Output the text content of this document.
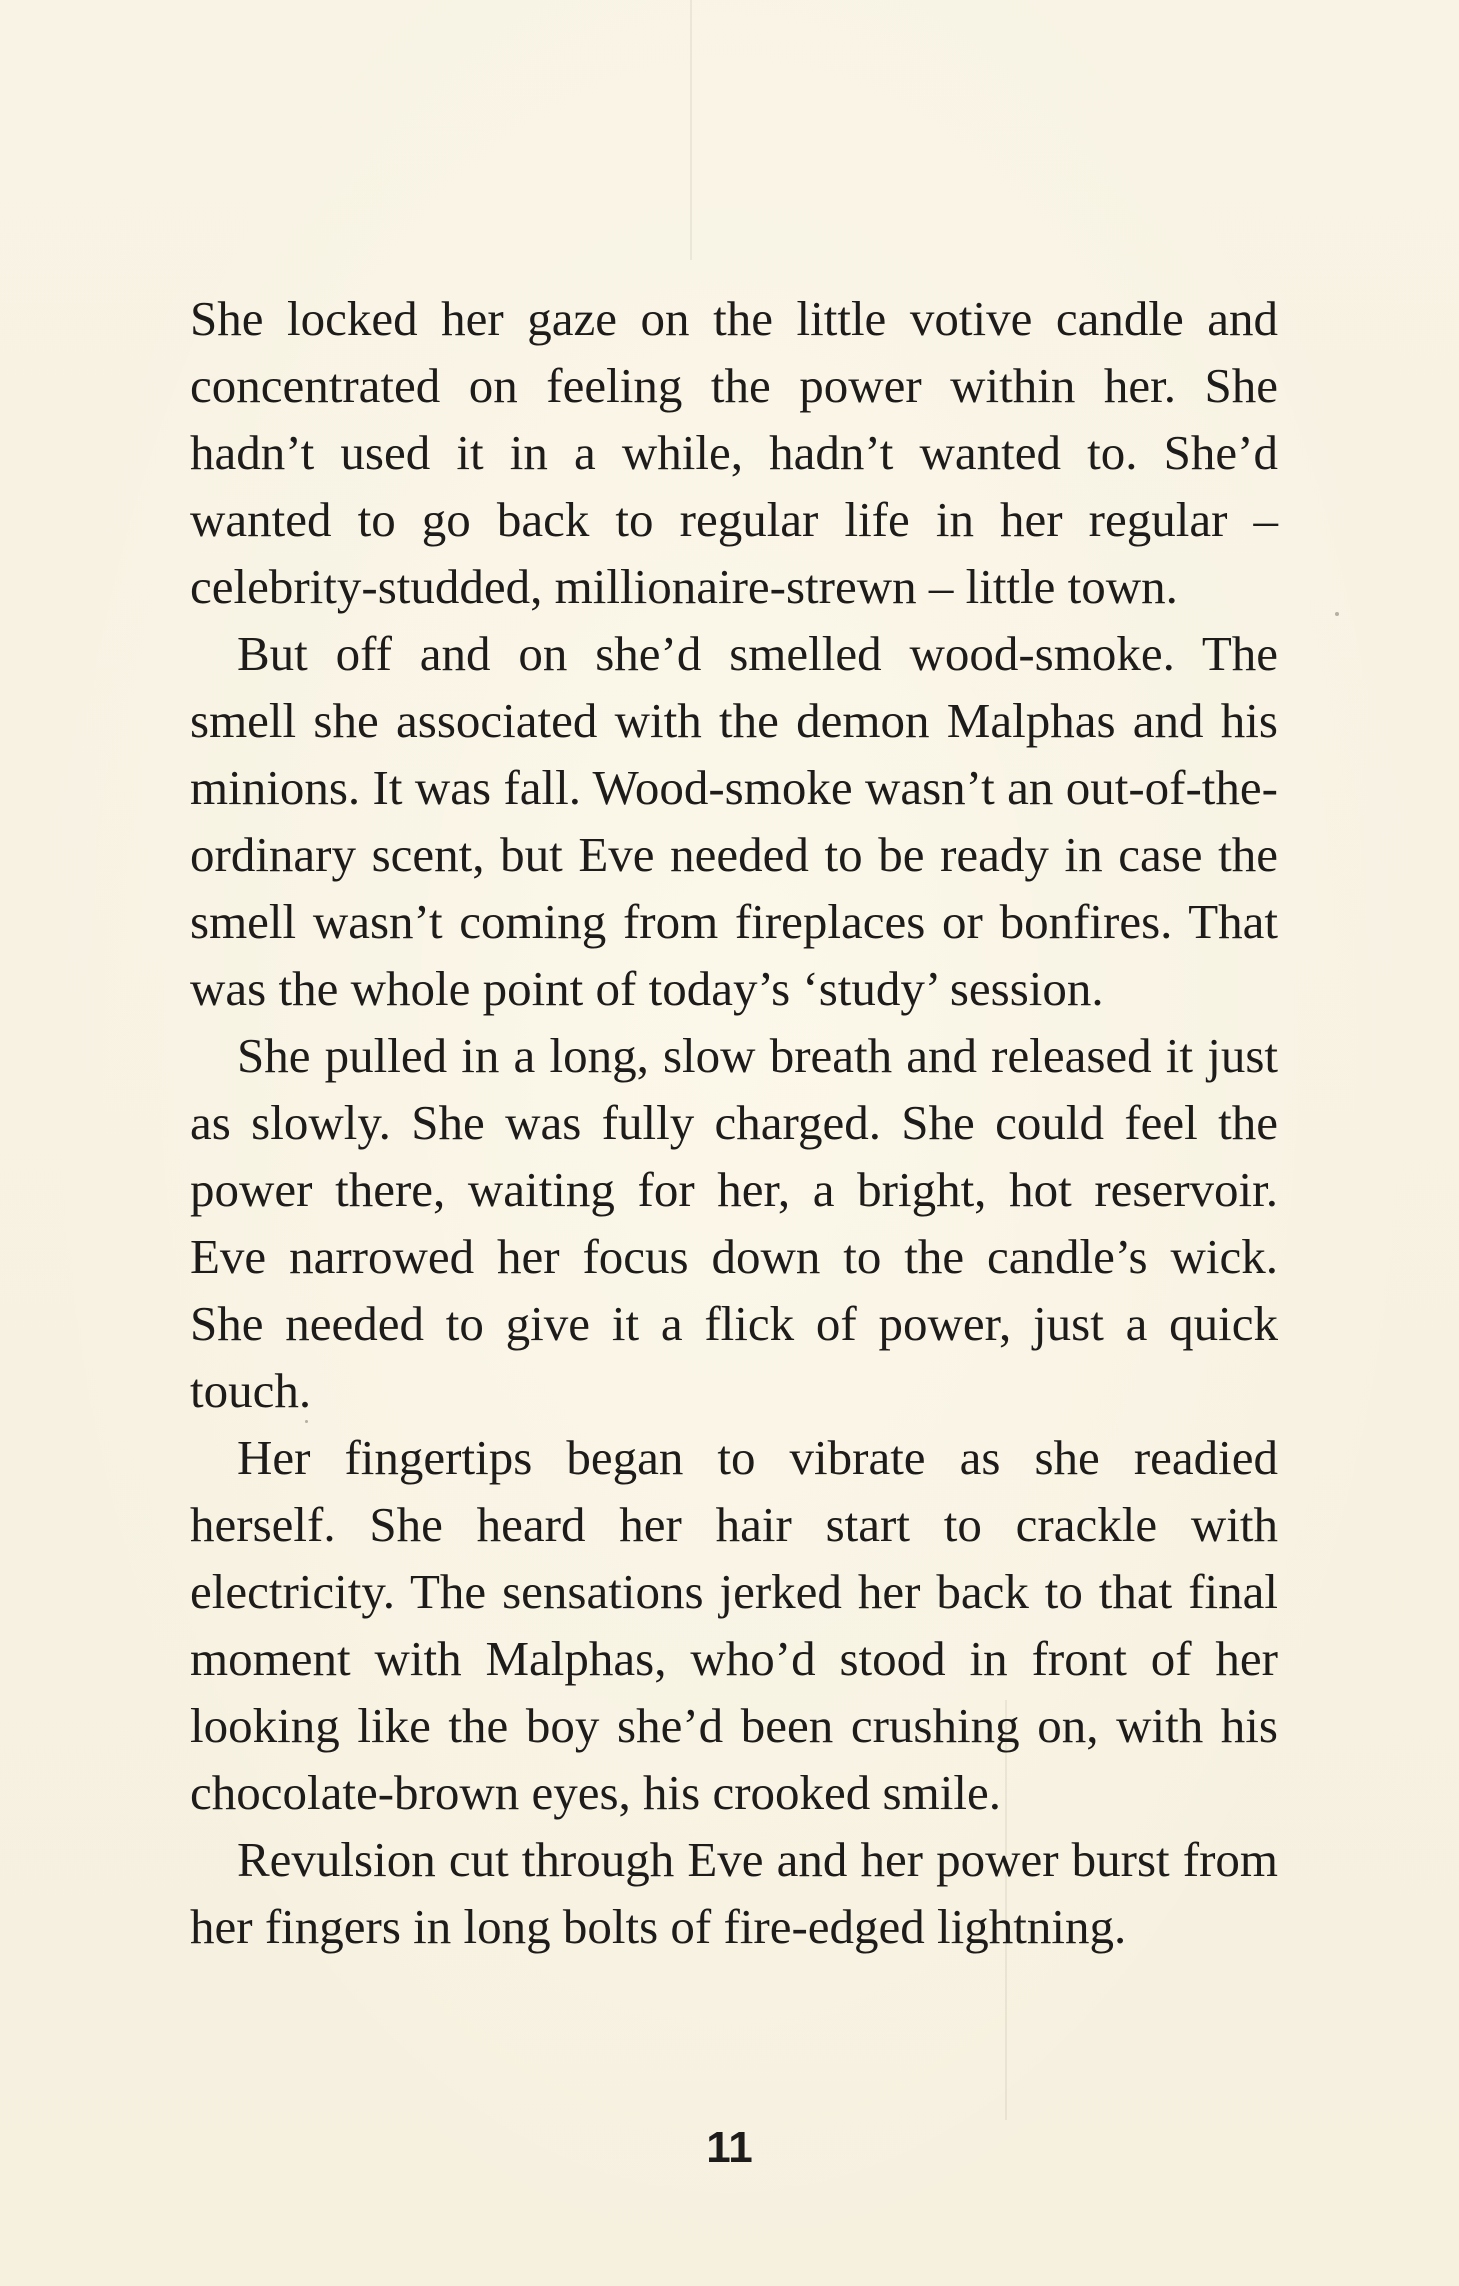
She locked her gaze on the little votive candle and concentrated on feeling the power within her. She hadn’t used it in a while, hadn’t wanted to. She’d wanted to go back to regular life in her regular – celebrity-studded, millionaire-strewn – little town.

But off and on she’d smelled wood-smoke. The smell she associated with the demon Malphas and his minions. It was fall. Wood-smoke wasn’t an out-of-the-ordinary scent, but Eve needed to be ready in case the smell wasn’t coming from fireplaces or bonfires. That was the whole point of today’s ‘study’ session.

She pulled in a long, slow breath and released it just as slowly. She was fully charged. She could feel the power there, waiting for her, a bright, hot reservoir. Eve narrowed her focus down to the candle’s wick. She needed to give it a flick of power, just a quick touch.

Her fingertips began to vibrate as she readied herself. She heard her hair start to crackle with electricity. The sensations jerked her back to that final moment with Malphas, who’d stood in front of her looking like the boy she’d been crushing on, with his chocolate-brown eyes, his crooked smile.

Revulsion cut through Eve and her power burst from her fingers in long bolts of fire-edged lightning.

11
